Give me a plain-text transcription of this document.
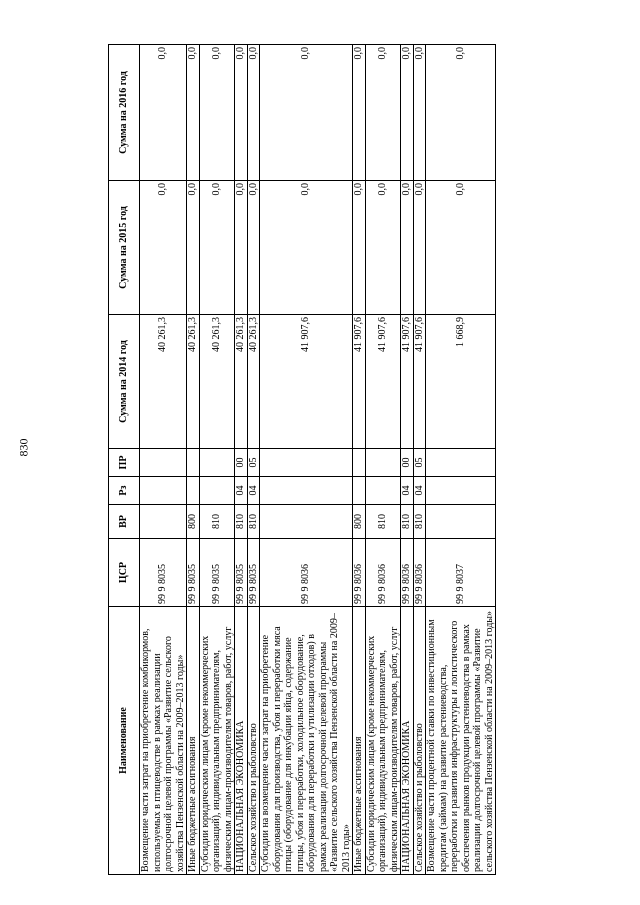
830
Наименование	ЦСР	ВР	Рз	ПР	Сумма на 2014 год	Сумма на 2015 год	Сумма на 2016 год
Возмещение части затрат на приобретение комбикормов, используемых в птицеводстве в рамках реализации долгосрочной целевой программы «Развитие сельского хозяйства Пензенской области на 2009–2013 годы»	99 9 8035				40 261,3	0,0	0,0
Иные бюджетные ассигнования	99 9 8035	800			40 261,3	0,0	0,0
Субсидии юридическим лицам (кроме некоммерческих организаций), индивидуальным предпринимателям, физическим лицам-производителям товаров, работ, услуг	99 9 8035	810			40 261,3	0,0	0,0
НАЦИОНАЛЬНАЯ ЭКОНОМИКА	99 9 8035	810	04	00	40 261,3	0,0	0,0
Сельское хозяйство и рыболовство	99 9 8035	810	04	05	40 261,3	0,0	0,0
Субсидии на возмещение части затрат на приобретение оборудования для производства, убоя и переработки мяса птицы (оборудование для инкубации яйца, содержание птицы, убоя и переработки, холодильное оборудование, оборудования для переработки и утилизации отходов) в рамках реализации долгосрочной целевой программы «Развитие сельского хозяйства Пензенской области на 2009–2013 годы»	99 9 8036				41 907,6	0,0	0,0
Иные бюджетные ассигнования	99 9 8036	800			41 907,6	0,0	0,0
Субсидии юридическим лицам (кроме некоммерческих организаций), индивидуальным предпринимателям, физическим лицам-производителям товаров, работ, услуг	99 9 8036	810			41 907,6	0,0	0,0
НАЦИОНАЛЬНАЯ ЭКОНОМИКА	99 9 8036	810	04	00	41 907,6	0,0	0,0
Сельское хозяйство и рыболовство	99 9 8036	810	04	05	41 907,6	0,0	0,0
Возмещение части процентной ставки по инвестиционным кредитам (займам) на развитие растениеводства, переработки и развития инфраструктуры и логистического обеспечения рынков продукции растениеводства в рамках реализации долгосрочной целевой программы «Развитие сельского хозяйства Пензенской области на 2009–2013 годы»	99 9 8037				1 668,9	0,0	0,0
